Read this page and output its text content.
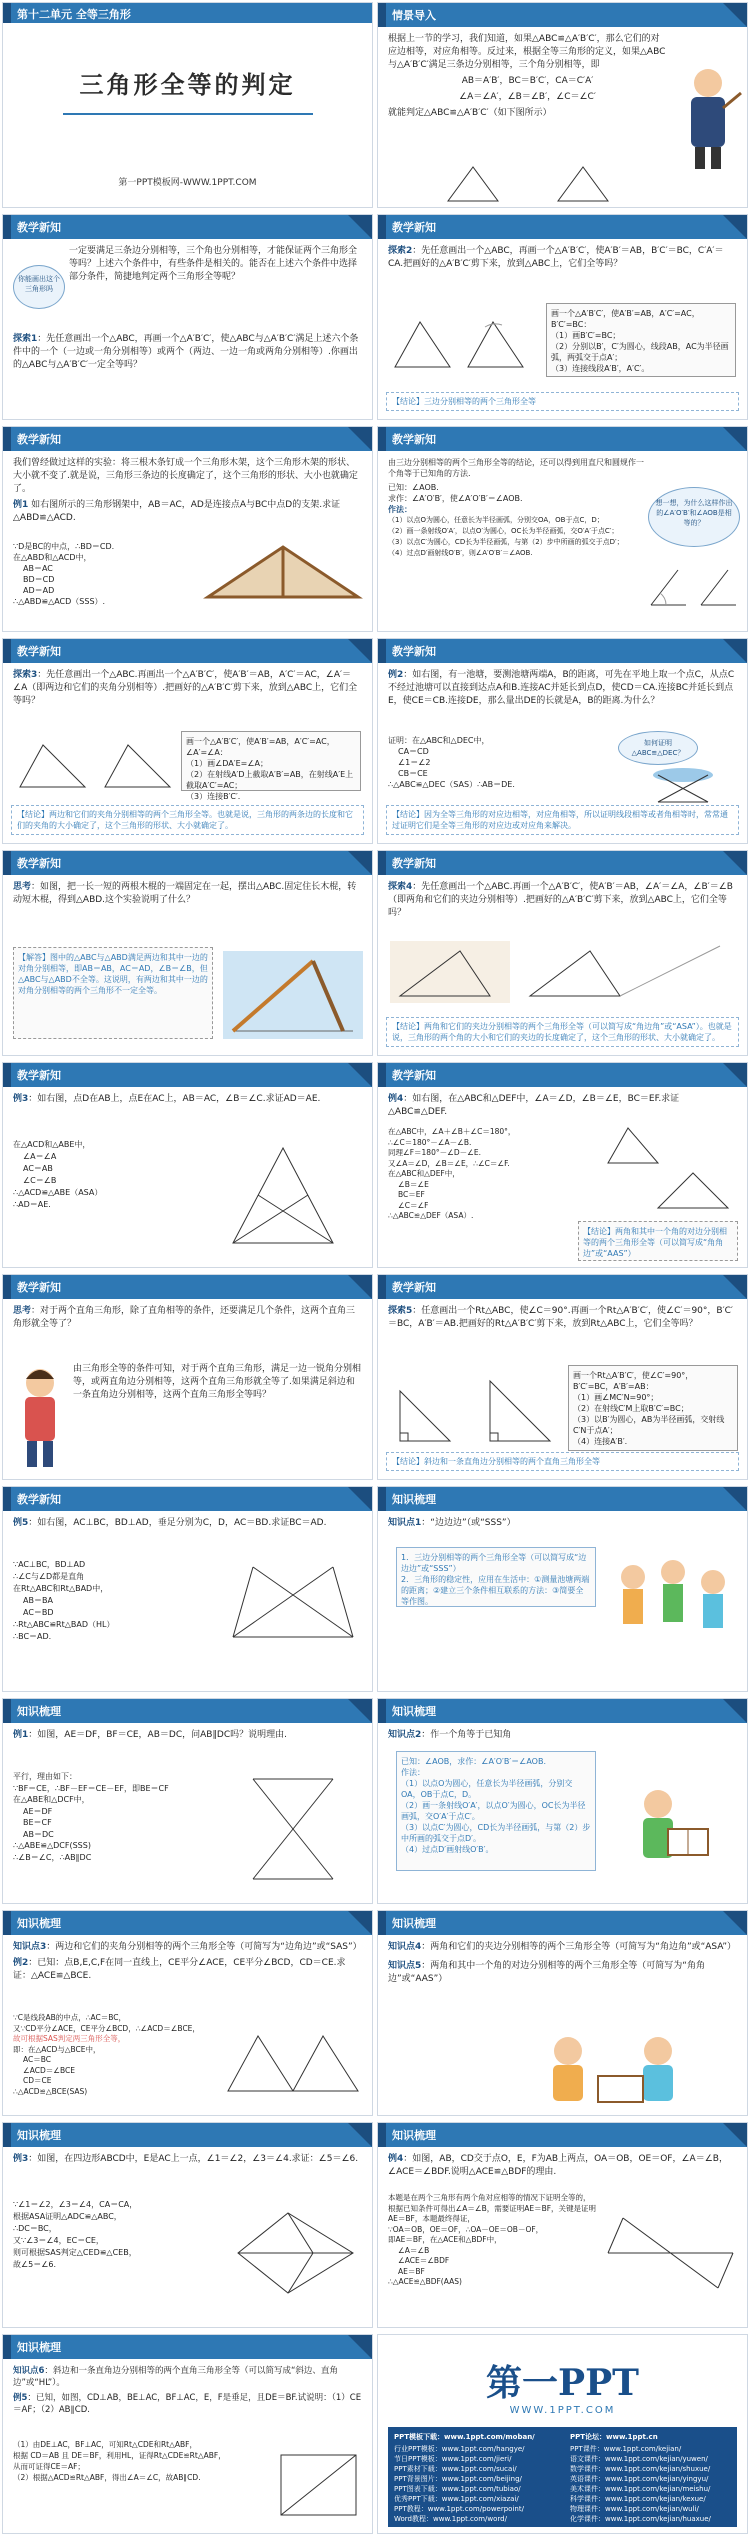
第十二单元 全等三角形
三角形全等的判定
第一PPT模板网-WWW.1PPT.COM
情景导入

根据上一节的学习，我们知道，如果△ABC≌△A′B′C′，那么它们的对应边相等，对应角相等。反过来，根据全等三角形的定义，如果△ABC与△A′B′C′满足三条边分别相等，三个角分别相等，即

AB＝A′B′，BC＝B′C′，CA＝C′A′

∠A＝∠A′，∠B＝∠B′，∠C＝∠C′

就能判定△ABC≌△A′B′C′（如下图所示）

教学新知
你能画出这个三角形吗

一定要满足三条边分别相等，三个角也分别相等，才能保证两个三角形全等吗？上述六个条件中，有些条件是相关的。能否在上述六个条件中选择部分条件，简捷地判定两个三角形全等呢？

探索1：先任意画出一个△ABC，再画一个△A′B′C′，使△ABC与△A′B′C′满足上述六个条件中的一个（一边或一角分别相等）或两个（两边、一边一角或两角分别相等）.你画出的△ABC与△A′B′C′一定全等吗？

教学新知

探索2：先任意画出一个△ABC，再画一个△A′B′C′，使A′B′＝AB，B′C′＝BC，C′A′＝CA.把画好的△A′B′C′剪下来，放到△ABC上，它们全等吗？

画一个△A′B′C′，使A′B′=AB，A′C′=AC，B′C′=BC：
（1）画B′C′=BC；
（2）分别以B′，C′为圆心，线段AB，AC为半径画弧，两弧交于点A′；
（3）连接线段A′B′，A′C′。
【结论】三边分别相等的两个三角形全等
教学新知

我们曾经做过这样的实验：将三根木条钉成一个三角形木架，这个三角形木架的形状、大小就不变了.就是说，三角形三条边的长度确定了，这个三角形的形状、大小也就确定了。

例1 如右图所示的三角形钢架中，AB＝AC，AD是连接点A与BC中点D的支架.求证△ABD≌△ACD.

∵D是BC的中点，∴BD＝CD.
在△ABD和△ACD中，
AB＝AC
BD＝CD
AD＝AD
∴△ABD≌△ACD（SSS）.
教学新知

由三边分别相等的两个三角形全等的结论，还可以得到用直尺和圆规作一个角等于已知角的方法.

已知：∠AOB.
求作：∠A′O′B′，使∠A′O′B′＝∠AOB.
作法：
（1）以点O为圆心，任意长为半径画弧，分别交OA，OB于点C，D；
（2）画一条射线O′A′，以点O′为圆心，OC长为半径画弧，交O′A′于点C′；
（3）以点C′为圆心，CD长为半径画弧，与第（2）步中所画的弧交于点D′；
（4）过点D′画射线O′B′，则∠A′O′B′＝∠AOB.
想一想，为什么这样作出的∠A′O′B′和∠AOB是相等的？
教学新知

探索3：先任意画出一个△ABC.再画出一个△A′B′C′，使A′B′＝AB，A′C′＝AC，∠A′＝∠A（即两边和它们的夹角分别相等）.把画好的△A′B′C′剪下来，放到△ABC上，它们全等吗？

画一个△A′B′C′，使A′B′=AB，A′C′=AC，∠A′=∠A：
（1）画∠DA′E=∠A；
（2）在射线A′D上截取A′B′=AB，在射线A′E上截取A′C′=AC；
（3）连接B′C′.
【结论】两边和它们的夹角分别相等的两个三角形全等。也就是说，三角形的两条边的长度和它们的夹角的大小确定了，这个三角形的形状、大小就确定了。
教学新知

例2：如右图，有一池塘，要测池塘两端A，B的距离，可先在平地上取一个点C，从点C不经过池塘可以直接到达点A和B.连接AC并延长到点D，使CD＝CA.连接BC并延长到点E，使CE＝CB.连接DE，那么量出DE的长就是A，B的距离.为什么？

证明：在△ABC和△DEC中，
CA＝CD
∠1＝∠2
CB＝CE
∴△ABC≌△DEC（SAS）∴AB＝DE.
如何证明△ABC≌△DEC？
【结论】因为全等三角形的对应边相等，对应角相等，所以证明线段相等或者角相等时，常常通过证明它们是全等三角形的对应边或对应角来解决。
教学新知

思考：如图，把一长一短的两根木棍的一端固定在一起，摆出△ABC.固定住长木棍，转动短木棍，得到△ABD.这个实验说明了什么？

【解答】图中的△ABC与△ABD满足两边和其中一边的对角分别相等，即AB＝AB，AC＝AD，∠B＝∠B，但△ABC与△ABD不全等。这说明，有两边和其中一边的对角分别相等的两个三角形不一定全等。
教学新知

探索4：先任意画出一个△ABC.再画一个△A′B′C′，使A′B′＝AB，∠A′＝∠A，∠B′＝∠B（即两角和它们的夹边分别相等）.把画好的△A′B′C′剪下来，放到△ABC上，它们全等吗？

【结论】两角和它们的夹边分别相等的两个三角形全等（可以简写成“角边角”或“ASA”）。也就是说，三角形的两个角的大小和它们的夹边的长度确定了，这个三角形的形状、大小就确定了。
教学新知

例3：如右图，点D在AB上，点E在AC上，AB＝AC，∠B＝∠C.求证AD＝AE.

在△ACD和△ABE中，
∠A＝∠A
AC＝AB
∠C＝∠B
∴△ACD≌△ABE（ASA）
∴AD＝AE.
教学新知

例4：如右图，在△ABC和△DEF中，∠A＝∠D，∠B＝∠E，BC＝EF.求证△ABC≌△DEF.

在△ABC中，∠A＋∠B＋∠C＝180°，
∴∠C＝180°－∠A－∠B.
同理∠F＝180°－∠D－∠E.
又∠A＝∠D，∠B＝∠E，∴∠C＝∠F.
在△ABC和△DEF中，
∠B＝∠E
BC＝EF
∠C＝∠F
∴△ABC≌△DEF（ASA）.
【结论】两角和其中一个角的对边分别相等的两个三角形全等（可以简写成“角角边”或“AAS”）
教学新知

思考：对于两个直角三角形，除了直角相等的条件，还要满足几个条件，这两个直角三角形就全等了？

由三角形全等的条件可知，对于两个直角三角形，满足一边一锐角分别相等，或两直角边分别相等，这两个直角三角形就全等了.如果满足斜边和一条直角边分别相等，这两个直角三角形全等吗？

教学新知

探索5：任意画出一个Rt△ABC，使∠C＝90°.再画一个Rt△A′B′C′，使∠C′＝90°，B′C′＝BC，A′B′＝AB.把画好的Rt△A′B′C′剪下来，放到Rt△ABC上，它们全等吗？

画一个Rt△A′B′C′，使∠C′=90°，B′C′=BC，A′B′=AB：
（1）画∠MC′N=90°；
（2）在射线C′M上取B′C′=BC；
（3）以B′为圆心，AB为半径画弧，交射线C′N于点A′；
（4）连接A′B′.
【结论】斜边和一条直角边分别相等的两个直角三角形全等
教学新知

例5：如右图，AC⊥BC，BD⊥AD，垂足分别为C，D，AC＝BD.求证BC＝AD.

∵AC⊥BC，BD⊥AD
∴∠C与∠D都是直角
在Rt△ABC和Rt△BAD中，
AB＝BA
AC＝BD
∴Rt△ABC≌Rt△BAD（HL）
∴BC＝AD.
知识梳理

知识点1：“边边边”（或“SSS”）

1．三边分别相等的两个三角形全等（可以简写成“边边边”或“SSS”）
2．三角形的稳定性，应用在生活中：①测量池塘两端的距离；②建立三个条件相互联系的方法：③简要全等作图。
知识梳理

例1：如图，AE＝DF，BF＝CE，AB＝DC，问AB∥DC吗？说明理由.

平行，理由如下：
∵BF＝CE，∴BF－EF＝CE－EF，即BE＝CF
在△ABE和△DCF中，
AE＝DF
BE＝CF
AB＝DC
∴△ABE≌△DCF(SSS)
∴∠B＝∠C，∴AB∥DC
知识梳理

知识点2：作一个角等于已知角

已知：∠AOB，求作：∠A′O′B′＝∠AOB.
作法：
（1）以点O为圆心，任意长为半径画弧，分别交OA，OB于点C，D。
（2）画一条射线O′A′，以点O′为圆心，OC长为半径画弧，交O′A′于点C′。
（3）以点C′为圆心，CD长为半径画弧，与第（2）步中所画的弧交于点D′。
（4）过点D′画射线O′B′。
知识梳理

知识点3：两边和它们的夹角分别相等的两个三角形全等（可简写为“边角边”或“SAS”）

例2：已知：点B,E,C,F在同一直线上，CE平分∠ACE，CE平分∠BCD，CD＝CE.求证：△ACE≌△BCE.

∵C是线段AB的中点，∴AC＝BC，
又∵CD平分∠ACE，CE平分∠BCD，∴∠ACD＝∠BCE，
故可根据SAS判定两三角形全等，
即：在△ACD与△BCE中，
AC＝BC
∠ACD＝∠BCE
CD＝CE
∴△ACD≌△BCE(SAS)
知识梳理

知识点4：两角和它们的夹边分别相等的两个三角形全等（可简写为“角边角”或“ASA”）

知识点5：两角和其中一个角的对边分别相等的两个三角形全等（可简写为“角角边”或“AAS”）

知识梳理

例3：如图，在四边形ABCD中，E是AC上一点，∠1＝∠2，∠3＝∠4.求证：∠5＝∠6.

∵∠1＝∠2，∠3＝∠4，CA＝CA，
根据ASA证明△ADC≌△ABC，
∴DC＝BC，
又∵∠3＝∠4，EC＝CE，
则可根据SAS判定△CED≌△CEB，
故∠5＝∠6.
知识梳理

例4：如图，AB，CD交于点O，E，F为AB上两点，OA＝OB，OE＝OF，∠A＝∠B，∠ACE＝∠BDF.说明△ACE≌△BDF的理由.

本题是在两个三角形有两个角对应相等的情况下证明全等的，根据已知条件可得出∠A＝∠B，需要证明AE＝BF，关键是证明AE＝BF，本题最终得证，
∵OA＝OB，OE＝OF，∴OA－OE＝OB－OF，
即AE＝BF，在△ACE和△BDF中，
∠A＝∠B
∠ACE＝∠BDF
AE＝BF
∴△ACE≌△BDF(AAS)
知识梳理

知识点6：斜边和一条直角边分别相等的两个直角三角形全等（可以简写成“斜边、直角边”或“HL”）。

例5：已知，如图，CD⊥AB，BE⊥AC，BF⊥AC，E，F是垂足，且DE＝BF.试说明：（1）CE＝AF；（2）AB∥CD.

（1）由DE⊥AC，BF⊥AC，可知Rt△CDE和Rt△ABF，
根据 CD＝AB 且 DE＝BF，利用HL，证得Rt△CDE≌Rt△ABF，
从而可证得CE＝AF；
（2）根据△ACD≌Rt△ABF，得出∠A＝∠C，故AB∥CD.
第一PPT
WWW.1PPT.COM
PPT模板下载：www.1ppt.com/moban/
行业PPT模板：www.1ppt.com/hangye/
节日PPT模板：www.1ppt.com/jieri/
PPT素材下载：www.1ppt.com/sucai/
PPT背景图片：www.1ppt.com/beijing/
PPT图表下载：www.1ppt.com/tubiao/
优秀PPT下载：www.1ppt.com/xiazai/
PPT教程：www.1ppt.com/powerpoint/
Word教程：www.1ppt.com/word/
PPT论坛：www.1ppt.cn
PPT课件：www.1ppt.com/kejian/
语文课件：www.1ppt.com/kejian/yuwen/
数学课件：www.1ppt.com/kejian/shuxue/
英语课件：www.1ppt.com/kejian/yingyu/
美术课件：www.1ppt.com/kejian/meishu/
科学课件：www.1ppt.com/kejian/kexue/
物理课件：www.1ppt.com/kejian/wuli/
化学课件：www.1ppt.com/kejian/huaxue/
